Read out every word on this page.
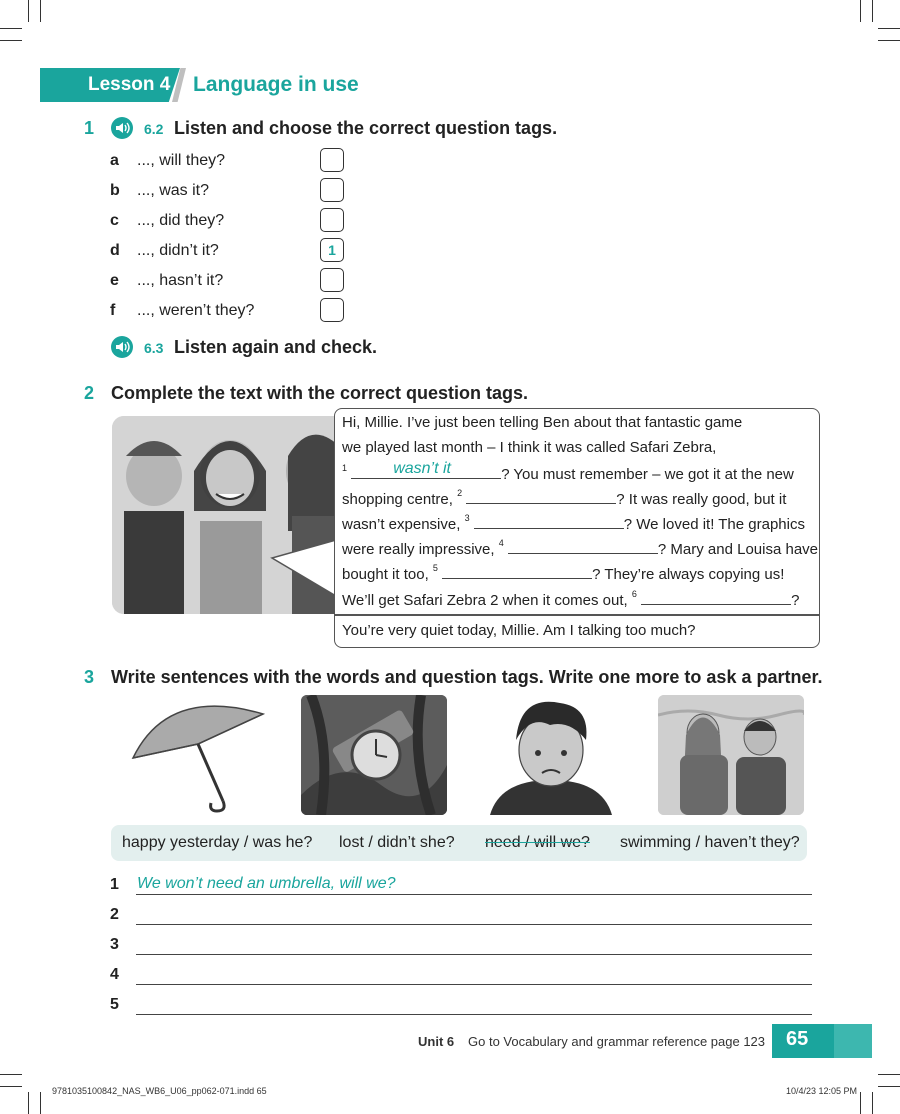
Lesson 4 Language in use
1	6.2 Listen and choose the correct question tags.
a ..., will they?
b ..., was it?
c ..., did they?
d ..., didn’t it?	1
e ..., hasn’t it?
f ..., weren’t they?
6.3 Listen again and check.
2 Complete the text with the correct question tags.
Hi, Millie. I’ve just been telling Ben about that fantastic game
we played last month – I think it was called Safari Zebra,
$^1$	wasn’t it	? You must remember – we got it at the new
shopping centre, $^2$	? It was really good, but it
wasn’t expensive, $^3$	? We loved it! The graphics
were really impressive, $^4$	? Mary and Louisa have
bought it too, $^5$	? They’re always copying us!
We’ll get Safari Zebra 2 when it comes out, $^6$	?
You’re very quiet today, Millie. Am I talking too much?
3 Write sentences with the words and question tags. Write one more to ask a partner.
happy yesterday / was he? lost / didn’t she? need / will we? swimming / haven’t they?
1 We won’t need an umbrella, will we?
2
3
4
5
Unit 6 Go to Vocabulary and grammar reference page 123 65
9781035100842_NAS_WB6_U06_pp062-071.indd 65	10/4/23 12:05 PM
